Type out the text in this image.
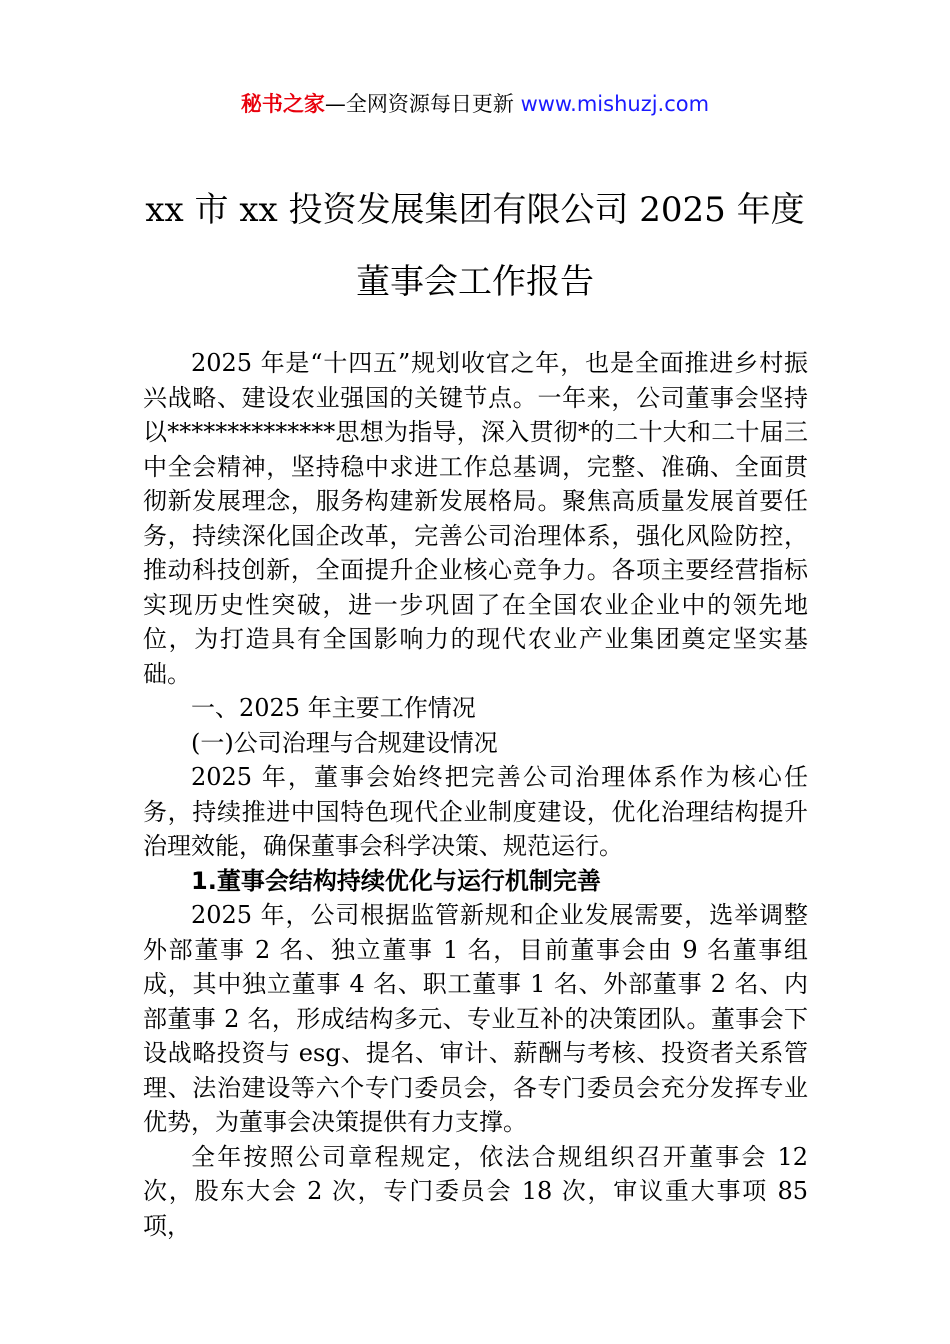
秘书之家—全网资源每日更新 www.mishuzj.com
xx 市 xx 投资发展集团有限公司 2025 年度
董事会工作报告

2025 年是“十四五”规划收官之年，也是全面推进乡村振兴战略、建设农业强国的关键节点。一年来，公司董事会坚持以**************思想为指导，深入贯彻*的二十大和二十届三中全会精神，坚持稳中求进工作总基调，完整、准确、全面贯彻新发展理念，服务构建新发展格局。聚焦高质量发展首要任务，持续深化国企改革，完善公司治理体系，强化风险防控，推动科技创新，全面提升企业核心竞争力。各项主要经营指标实现历史性突破，进一步巩固了在全国农业企业中的领先地位，为打造具有全国影响力的现代农业产业集团奠定坚实基础。

一、2025 年主要工作情况

(一)公司治理与合规建设情况

2025 年，董事会始终把完善公司治理体系作为核心任务，持续推进中国特色现代企业制度建设，优化治理结构提升治理效能，确保董事会科学决策、规范运行。

1.董事会结构持续优化与运行机制完善

2025 年，公司根据监管新规和企业发展需要，选举调整外部董事 2 名、独立董事 1 名，目前董事会由 9 名董事组成，其中独立董事 4 名、职工董事 1 名、外部董事 2 名、内部董事 2 名，形成结构多元、专业互补的决策团队。董事会下设战略投资与 esg、提名、审计、薪酬与考核、投资者关系管理、法治建设等六个专门委员会，各专门委员会充分发挥专业优势，为董事会决策提供有力支撑。

全年按照公司章程规定，依法合规组织召开董事会 12 次，股东大会 2 次，专门委员会 18 次，审议重大事项 85 项，
